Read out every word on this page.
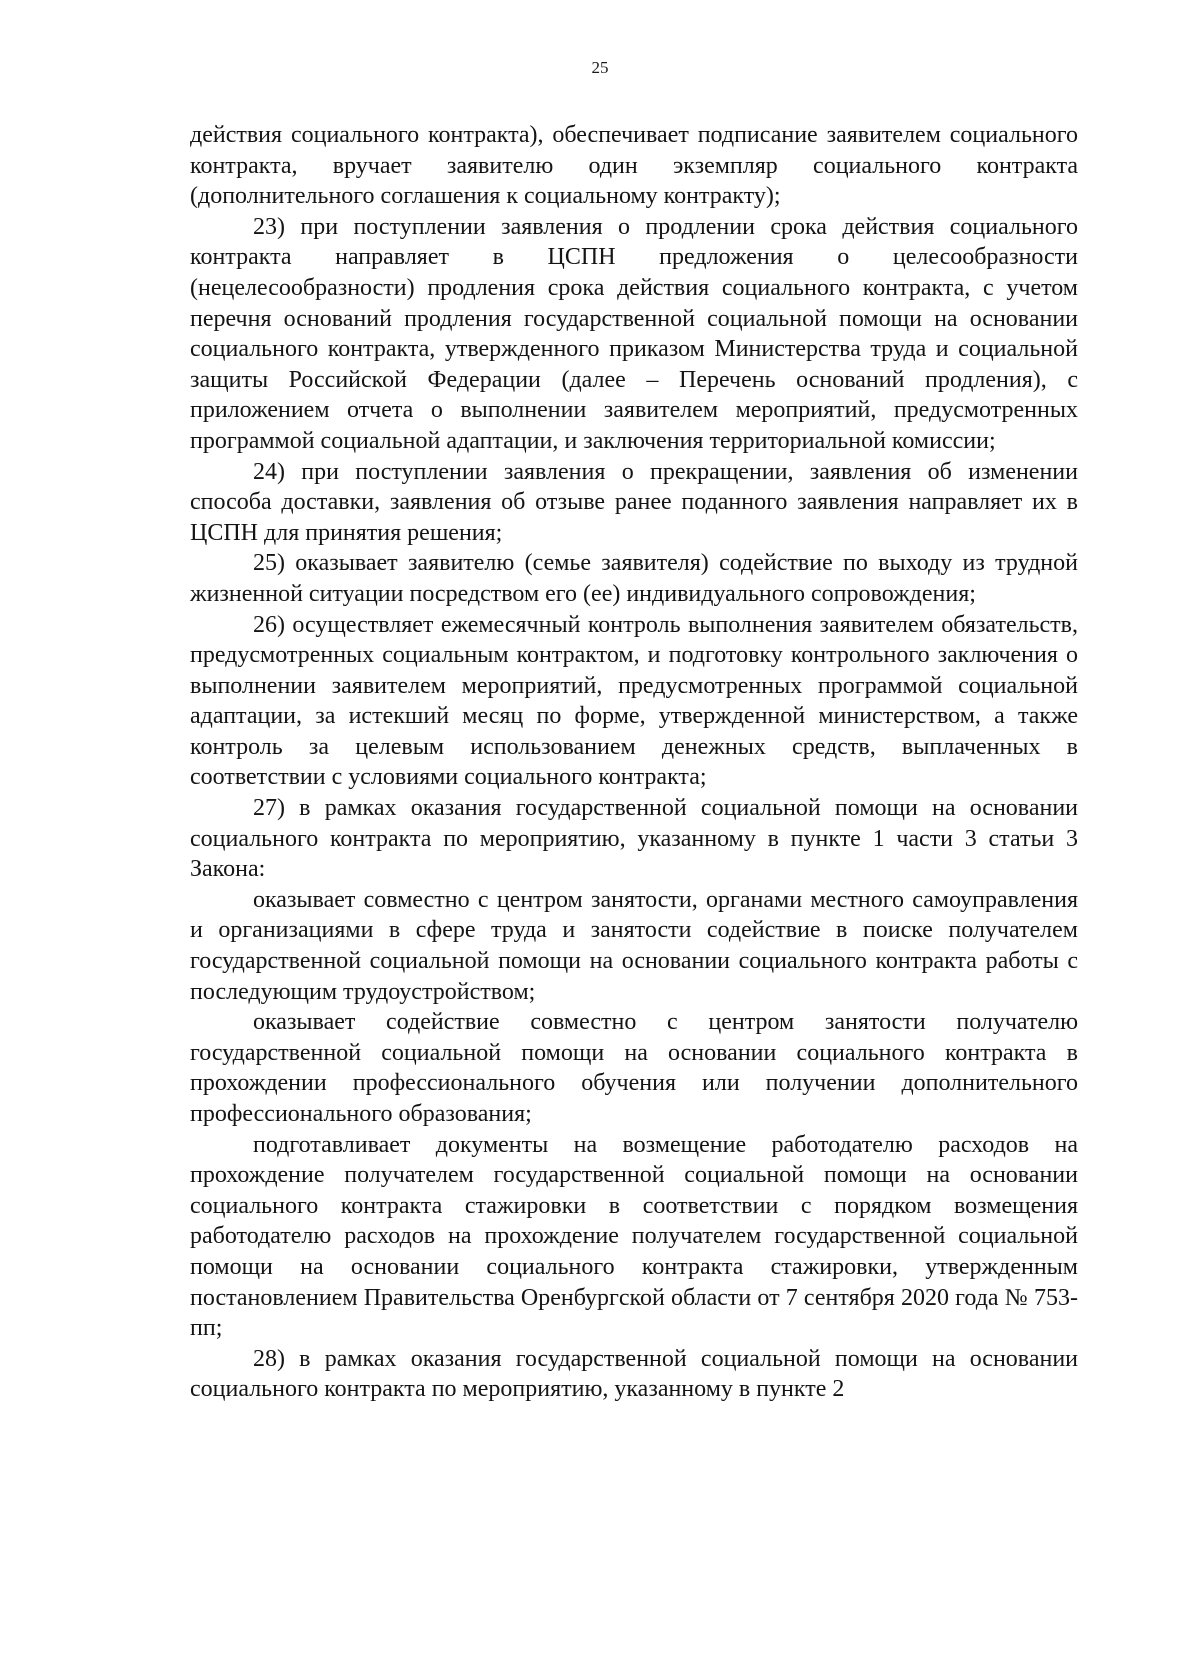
25

действия социального контракта), обеспечивает подписание заявителем социального контракта, вручает заявителю один экземпляр социального контракта (дополнительного соглашения к социальному контракту);

23) при поступлении заявления о продлении срока действия социального контракта направляет в ЦСПН предложения о целесообразности (нецелесообразности) продления срока действия социального контракта, с учетом перечня оснований продления государственной социальной помощи на основании социального контракта, утвержденного приказом Министерства труда и социальной защиты Российской Федерации (далее – Перечень оснований продления), с приложением отчета о выполнении заявителем мероприятий, предусмотренных программой социальной адаптации, и заключения территориальной комиссии;

24) при поступлении заявления о прекращении, заявления об изменении способа доставки, заявления об отзыве ранее поданного заявления направляет их в ЦСПН для принятия решения;

25) оказывает заявителю (семье заявителя) содействие по выходу из трудной жизненной ситуации посредством его (ее) индивидуального сопровождения;

26) осуществляет ежемесячный контроль выполнения заявителем обязательств, предусмотренных социальным контрактом, и подготовку контрольного заключения о выполнении заявителем мероприятий, предусмотренных программой социальной адаптации, за истекший месяц по форме, утвержденной министерством, а также контроль за целевым использованием денежных средств, выплаченных в соответствии с условиями социального контракта;

27) в рамках оказания государственной социальной помощи на основании социального контракта по мероприятию, указанному в пункте 1 части 3 статьи 3 Закона:

оказывает совместно с центром занятости, органами местного самоуправления и организациями в сфере труда и занятости содействие в поиске получателем государственной социальной помощи на основании социального контракта работы с последующим трудоустройством;

оказывает содействие совместно с центром занятости получателю государственной социальной помощи на основании социального контракта в прохождении профессионального обучения или получении дополнительного профессионального образования;

подготавливает документы на возмещение работодателю расходов на прохождение получателем государственной социальной помощи на основании социального контракта стажировки в соответствии с порядком возмещения работодателю расходов на прохождение получателем государственной социальной помощи на основании социального контракта стажировки, утвержденным постановлением Правительства Оренбургской области от 7 сентября 2020 года № 753-пп;

28) в рамках оказания государственной социальной помощи на основании социального контракта по мероприятию, указанному в пункте 2
